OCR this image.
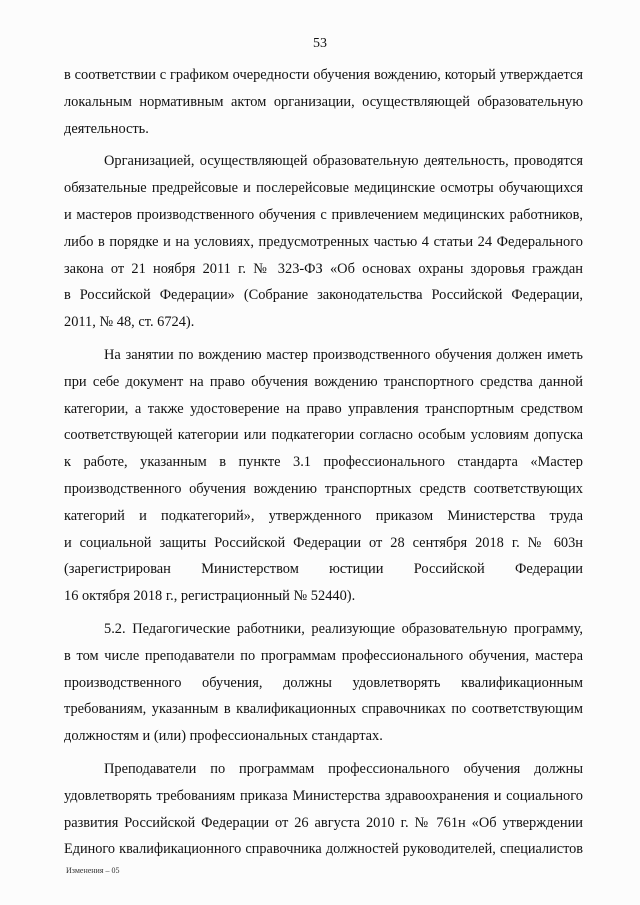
53
в соответствии с графиком очередности обучения вождению, который утверждается
локальным нормативным актом организации, осуществляющей образовательную
деятельность.
Организацией, осуществляющей образовательную деятельность, проводятся
обязательные предрейсовые и послерейсовые медицинские осмотры обучающихся
и мастеров производственного обучения с привлечением медицинских работников,
либо в порядке и на условиях, предусмотренных частью 4 статьи 24 Федерального
закона от 21 ноября 2011 г. № 323-ФЗ «Об основах охраны здоровья граждан
в Российской Федерации» (Собрание законодательства Российской Федерации,
2011, № 48, ст. 6724).
На занятии по вождению мастер производственного обучения должен иметь
при себе документ на право обучения вождению транспортного средства данной
категории, а также удостоверение на право управления транспортным средством
соответствующей категории или подкатегории согласно особым условиям допуска
к работе, указанным в пункте 3.1 профессионального стандарта «Мастер
производственного обучения вождению транспортных средств соответствующих
категорий и подкатегорий», утвержденного приказом Министерства труда
и социальной защиты Российской Федерации от 28 сентября 2018 г. № 603н
(зарегистрирован Министерством юстиции Российской Федерации
16 октября 2018 г., регистрационный № 52440).
5.2. Педагогические работники, реализующие образовательную программу,
в том числе преподаватели по программам профессионального обучения, мастера
производственного обучения, должны удовлетворять квалификационным
требованиям, указанным в квалификационных справочниках по соответствующим
должностям и (или) профессиональных стандартах.
Преподаватели по программам профессионального обучения должны
удовлетворять требованиям приказа Министерства здравоохранения и социального
развития Российской Федерации от 26 августа 2010 г. № 761н «Об утверждении
Единого квалификационного справочника должностей руководителей, специалистов
Изменения – 05
